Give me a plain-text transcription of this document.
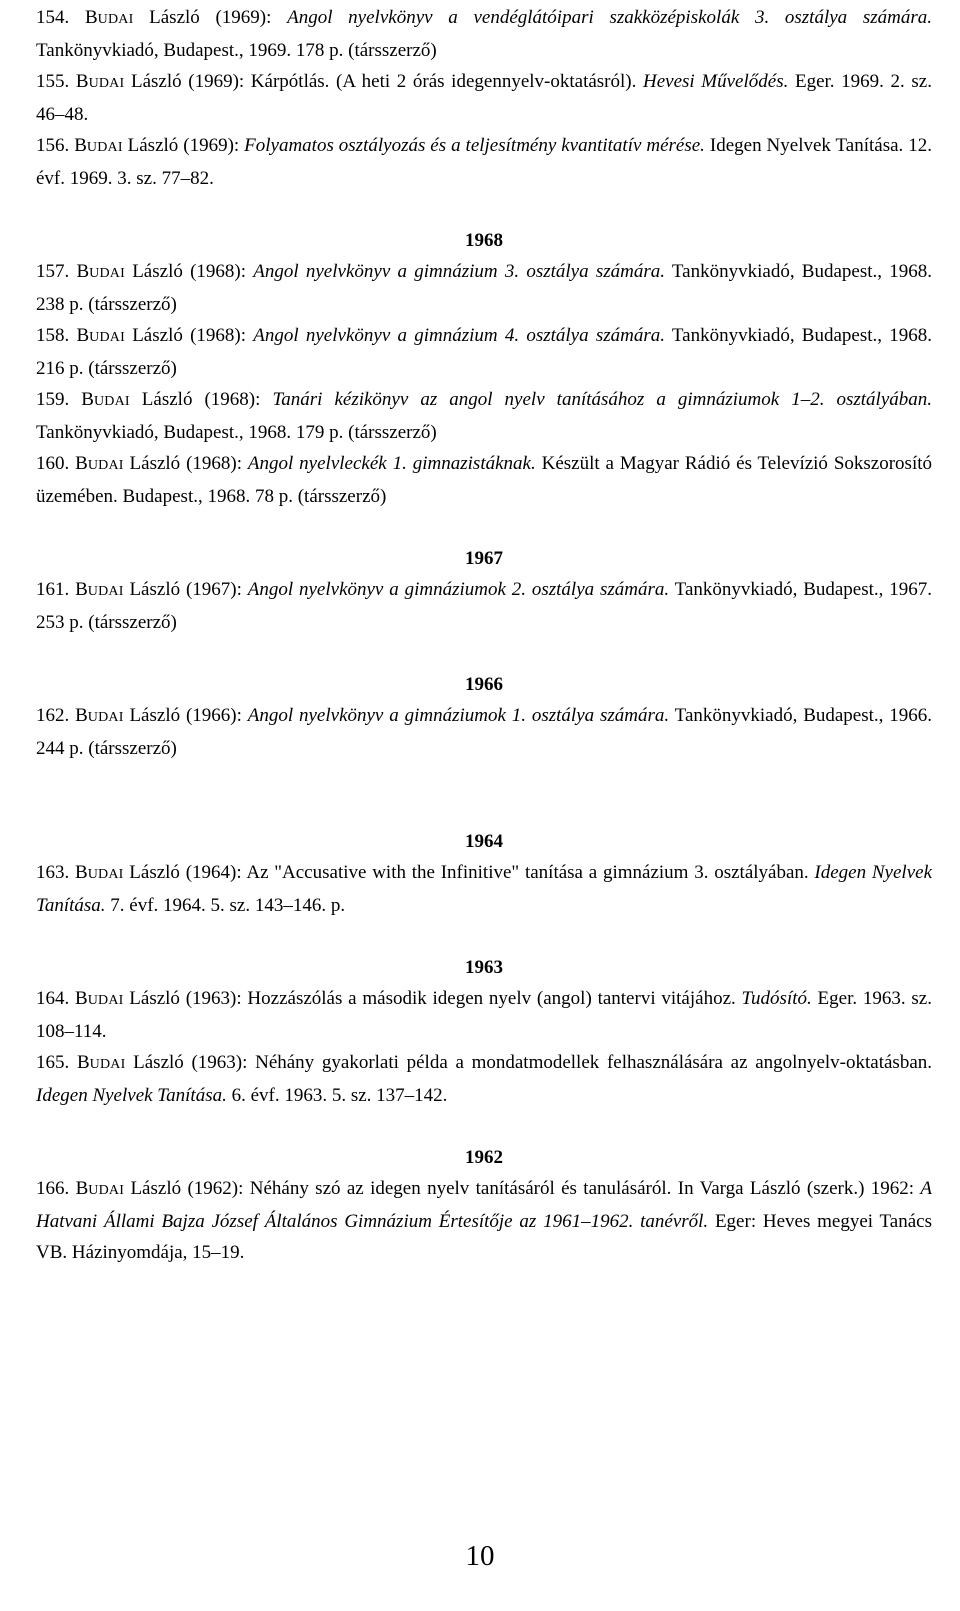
154. BUDAI László (1969): Angol nyelvkönyv a vendéglátóipari szakközépiskolák 3. osztálya számára. Tankönyvkiadó, Budapest., 1969. 178 p. (társszerző)
155. BUDAI László (1969): Kárpótlás. (A heti 2 órás idegennyelv-oktatásról). Hevesi Művelődés. Eger. 1969. 2. sz. 46–48.
156. BUDAI László (1969): Folyamatos osztályozás és a teljesítmény kvantitatív mérése. Idegen Nyelvek Tanítása. 12. évf. 1969. 3. sz. 77–82.
1968
157. BUDAI László (1968): Angol nyelvkönyv a gimnázium 3. osztálya számára. Tankönyvkiadó, Budapest., 1968. 238 p. (társszerző)
158. BUDAI László (1968): Angol nyelvkönyv a gimnázium 4. osztálya számára. Tankönyvkiadó, Budapest., 1968. 216 p. (társszerző)
159. BUDAI László (1968): Tanári kézikönyv az angol nyelv tanításához a gimnáziumok 1–2. osztályában. Tankönyvkiadó, Budapest., 1968. 179 p. (társszerző)
160. BUDAI László (1968): Angol nyelvleckék 1. gimnazistáknak. Készült a Magyar Rádió és Televízió Sokszorosító üzemében. Budapest., 1968. 78 p. (társszerző)
1967
161. BUDAI László (1967): Angol nyelvkönyv a gimnáziumok 2. osztálya számára. Tankönyvkiadó, Budapest., 1967. 253 p. (társszerző)
1966
162. BUDAI László (1966): Angol nyelvkönyv a gimnáziumok 1. osztálya számára. Tankönyvkiadó, Budapest., 1966. 244 p. (társszerző)
1964
163. BUDAI László (1964): Az "Accusative with the Infinitive" tanítása a gimnázium 3. osztályában. Idegen Nyelvek Tanítása. 7. évf. 1964. 5. sz. 143–146. p.
1963
164. BUDAI László (1963): Hozzászólás a második idegen nyelv (angol) tantervi vitájához. Tudósító. Eger. 1963. sz. 108–114.
165. BUDAI László (1963): Néhány gyakorlati példa a mondatmodellek felhasználására az angolnyelv-oktatásban. Idegen Nyelvek Tanítása. 6. évf. 1963. 5. sz. 137–142.
1962
166. BUDAI László (1962): Néhány szó az idegen nyelv tanításáról és tanulásáról. In Varga László (szerk.) 1962: A Hatvani Állami Bajza József Általános Gimnázium Értesítője az 1961–1962. tanévről. Eger: Heves megyei Tanács VB. Házinyomdája, 15–19.
10
